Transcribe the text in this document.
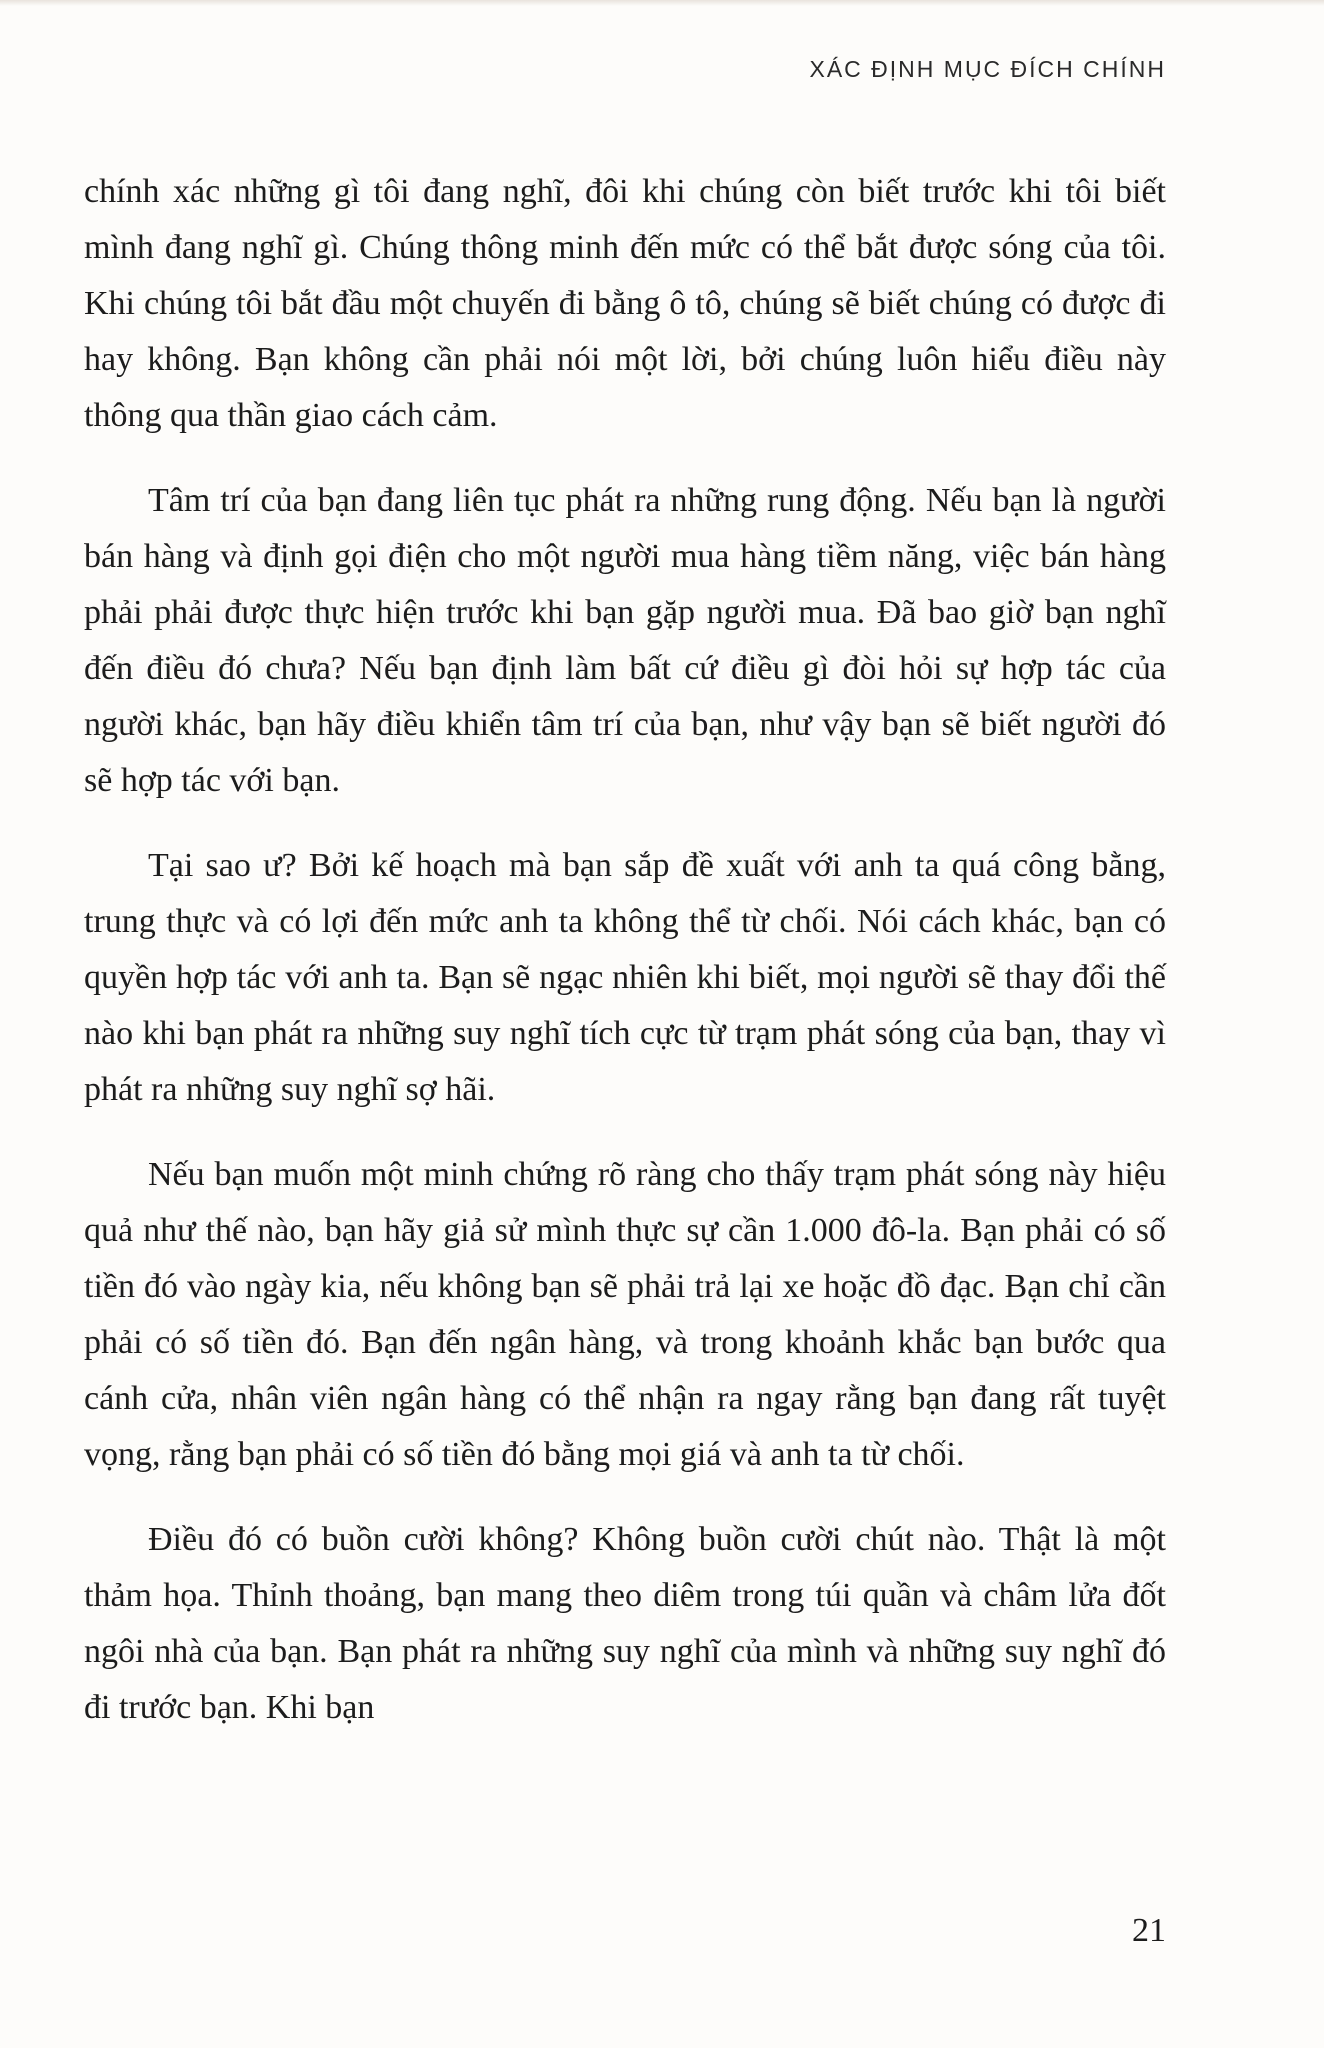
XÁC ĐỊNH MỤC ĐÍCH CHÍNH

chính xác những gì tôi đang nghĩ, đôi khi chúng còn biết trước khi tôi biết mình đang nghĩ gì. Chúng thông minh đến mức có thể bắt được sóng của tôi. Khi chúng tôi bắt đầu một chuyến đi bằng ô tô, chúng sẽ biết chúng có được đi hay không. Bạn không cần phải nói một lời, bởi chúng luôn hiểu điều này thông qua thần giao cách cảm.

Tâm trí của bạn đang liên tục phát ra những rung động. Nếu bạn là người bán hàng và định gọi điện cho một người mua hàng tiềm năng, việc bán hàng phải phải được thực hiện trước khi bạn gặp người mua. Đã bao giờ bạn nghĩ đến điều đó chưa? Nếu bạn định làm bất cứ điều gì đòi hỏi sự hợp tác của người khác, bạn hãy điều khiển tâm trí của bạn, như vậy bạn sẽ biết người đó sẽ hợp tác với bạn.

Tại sao ư? Bởi kế hoạch mà bạn sắp đề xuất với anh ta quá công bằng, trung thực và có lợi đến mức anh ta không thể từ chối. Nói cách khác, bạn có quyền hợp tác với anh ta. Bạn sẽ ngạc nhiên khi biết, mọi người sẽ thay đổi thế nào khi bạn phát ra những suy nghĩ tích cực từ trạm phát sóng của bạn, thay vì phát ra những suy nghĩ sợ hãi.

Nếu bạn muốn một minh chứng rõ ràng cho thấy trạm phát sóng này hiệu quả như thế nào, bạn hãy giả sử mình thực sự cần 1.000 đô-la. Bạn phải có số tiền đó vào ngày kia, nếu không bạn sẽ phải trả lại xe hoặc đồ đạc. Bạn chỉ cần phải có số tiền đó. Bạn đến ngân hàng, và trong khoảnh khắc bạn bước qua cánh cửa, nhân viên ngân hàng có thể nhận ra ngay rằng bạn đang rất tuyệt vọng, rằng bạn phải có số tiền đó bằng mọi giá và anh ta từ chối.

Điều đó có buồn cười không? Không buồn cười chút nào. Thật là một thảm họa. Thỉnh thoảng, bạn mang theo diêm trong túi quần và châm lửa đốt ngôi nhà của bạn. Bạn phát ra những suy nghĩ của mình và những suy nghĩ đó đi trước bạn. Khi bạn

21
